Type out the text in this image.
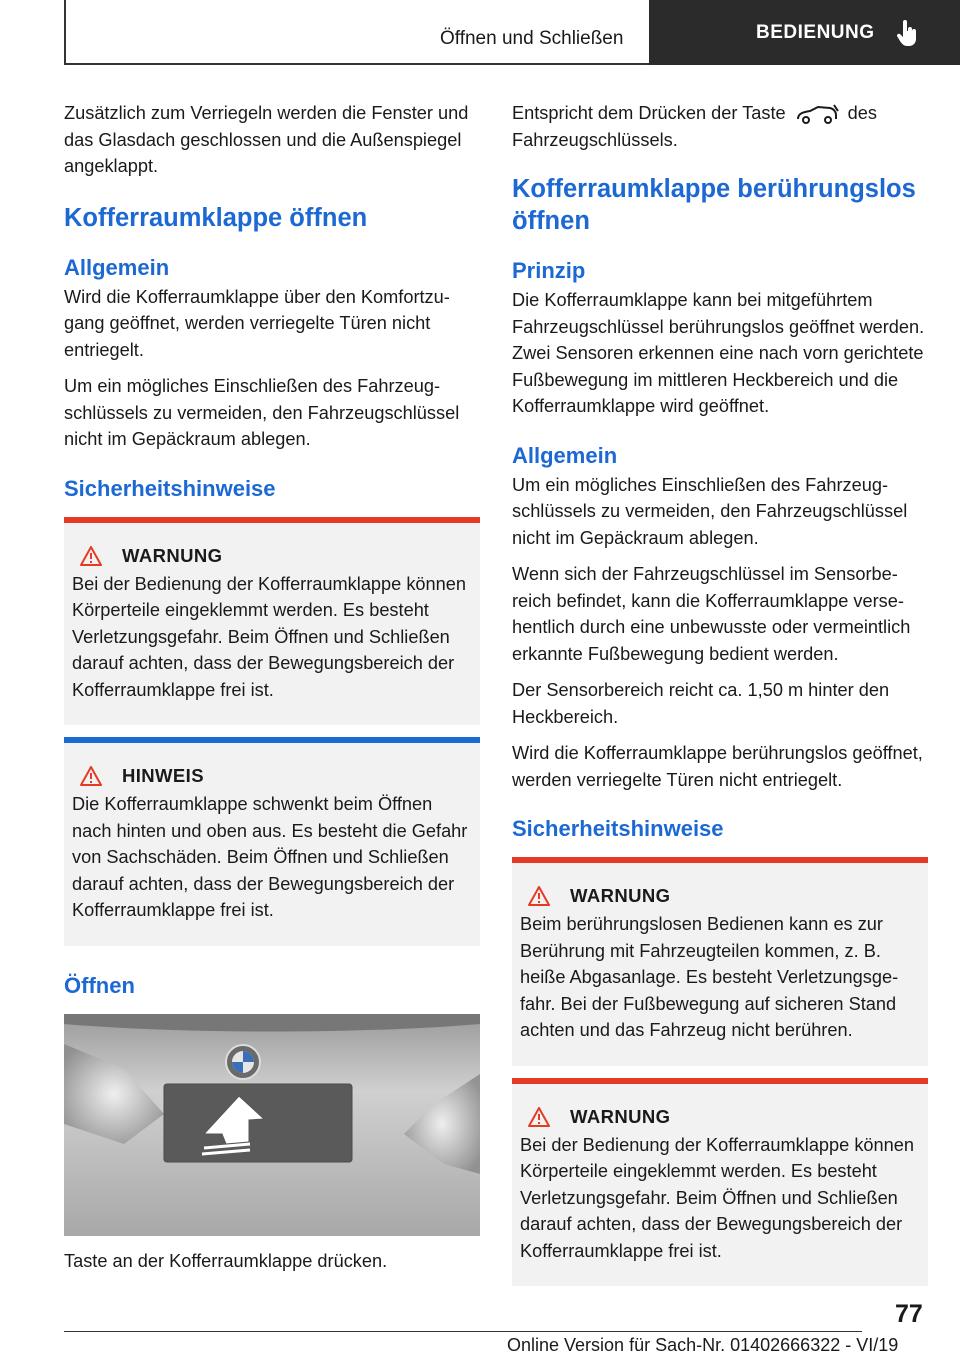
Öffnen und Schließen	BEDIENUNG

Zusätzlich zum Verriegeln werden die Fenster und das Glasdach geschlossen und die Außenspiegel angeklappt.

Kofferraumklappe öffnen
Allgemein

Wird die Kofferraumklappe über den Komfortzugang geöffnet, werden verriegelte Türen nicht entriegelt.

Um ein mögliches Einschließen des Fahrzeugschlüssels zu vermeiden, den Fahrzeugschlüssel nicht im Gepäckraum ablegen.

Sicherheitshinweise
WARNUNG

Bei der Bedienung der Kofferraumklappe können Körperteile eingeklemmt werden. Es besteht Verletzungsgefahr. Beim Öffnen und Schließen darauf achten, dass der Bewegungsbereich der Kofferraumklappe frei ist.

HINWEIS

Die Kofferraumklappe schwenkt beim Öffnen nach hinten und oben aus. Es besteht die Gefahr von Sachschäden. Beim Öffnen und Schließen darauf achten, dass der Bewegungsbereich der Kofferraumklappe frei ist.

Öffnen

Taste an der Kofferraumklappe drücken.

Entspricht dem Drücken der Taste	des Fahrzeugschlüssels.

Kofferraumklappe berührungslos öffnen
Prinzip

Die Kofferraumklappe kann bei mitgeführtem Fahrzeugschlüssel berührungslos geöffnet werden. Zwei Sensoren erkennen eine nach vorn gerichtete Fußbewegung im mittleren Heckbereich und die Kofferraumklappe wird geöffnet.

Allgemein

Um ein mögliches Einschließen des Fahrzeugschlüssels zu vermeiden, den Fahrzeugschlüssel nicht im Gepäckraum ablegen.

Wenn sich der Fahrzeugschlüssel im Sensorbereich befindet, kann die Kofferraumklappe versehentlich durch eine unbewusste oder vermeintlich erkannte Fußbewegung bedient werden.

Der Sensorbereich reicht ca. 1,50 m hinter den Heckbereich.

Wird die Kofferraumklappe berührungslos geöffnet, werden verriegelte Türen nicht entriegelt.

Sicherheitshinweise
WARNUNG

Beim berührungslosen Bedienen kann es zur Berührung mit Fahrzeugteilen kommen, z. B. heiße Abgasanlage. Es besteht Verletzungsgefahr. Bei der Fußbewegung auf sicheren Stand achten und das Fahrzeug nicht berühren.

WARNUNG

Bei der Bedienung der Kofferraumklappe können Körperteile eingeklemmt werden. Es besteht Verletzungsgefahr. Beim Öffnen und Schließen darauf achten, dass der Bewegungsbereich der Kofferraumklappe frei ist.

77
Online Version für Sach-Nr. 01402666322 - VI/19
